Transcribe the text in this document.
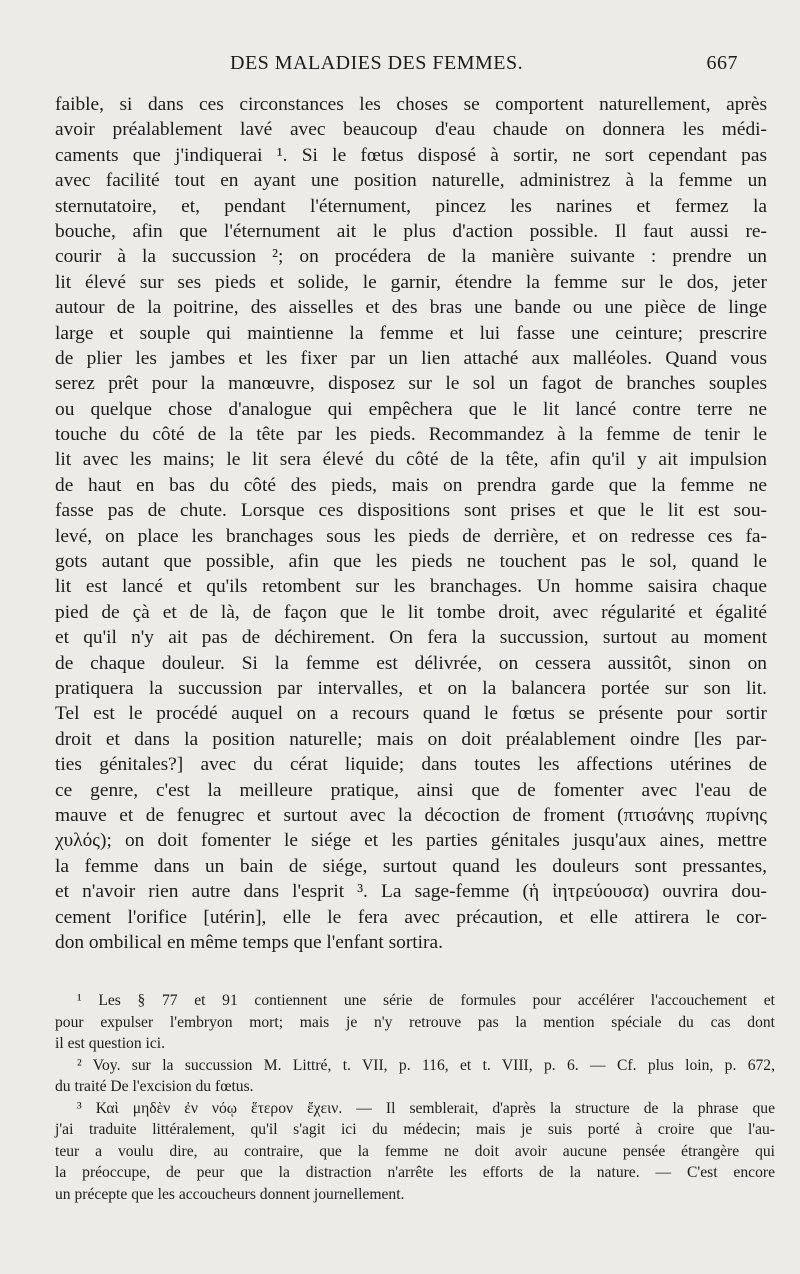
DES MALADIES DES FEMMES.	667
faible, si dans ces circonstances les choses se comportent naturellement, après
avoir préalablement lavé avec beaucoup d'eau chaude on donnera les médi-
caments que j'indiquerai ¹. Si le fœtus disposé à sortir, ne sort cependant pas
avec facilité tout en ayant une position naturelle, administrez à la femme un
sternutatoire, et, pendant l'éternument, pincez les narines et fermez la
bouche, afin que l'éternument ait le plus d'action possible. Il faut aussi re-
courir à la succussion ²; on procédera de la manière suivante : prendre un
lit élevé sur ses pieds et solide, le garnir, étendre la femme sur le dos, jeter
autour de la poitrine, des aisselles et des bras une bande ou une pièce de linge
large et souple qui maintienne la femme et lui fasse une ceinture; prescrire
de plier les jambes et les fixer par un lien attaché aux malléoles. Quand vous
serez prêt pour la manœuvre, disposez sur le sol un fagot de branches souples
ou quelque chose d'analogue qui empêchera que le lit lancé contre terre ne
touche du côté de la tête par les pieds. Recommandez à la femme de tenir le
lit avec les mains; le lit sera élevé du côté de la tête, afin qu'il y ait impulsion
de haut en bas du côté des pieds, mais on prendra garde que la femme ne
fasse pas de chute. Lorsque ces dispositions sont prises et que le lit est sou-
levé, on place les branchages sous les pieds de derrière, et on redresse ces fa-
gots autant que possible, afin que les pieds ne touchent pas le sol, quand le
lit est lancé et qu'ils retombent sur les branchages. Un homme saisira chaque
pied de çà et de là, de façon que le lit tombe droit, avec régularité et égalité
et qu'il n'y ait pas de déchirement. On fera la succussion, surtout au moment
de chaque douleur. Si la femme est délivrée, on cessera aussitôt, sinon on
pratiquera la succussion par intervalles, et on la balancera portée sur son lit.
Tel est le procédé auquel on a recours quand le fœtus se présente pour sortir
droit et dans la position naturelle; mais on doit préalablement oindre [les par-
ties génitales?] avec du cérat liquide; dans toutes les affections utérines de
ce genre, c'est la meilleure pratique, ainsi que de fomenter avec l'eau de
mauve et de fenugrec et surtout avec la décoction de froment (πτισάνης πυρίνης
χυλός); on doit fomenter le siége et les parties génitales jusqu'aux aines, mettre
la femme dans un bain de siége, surtout quand les douleurs sont pressantes,
et n'avoir rien autre dans l'esprit ³. La sage-femme (ἡ ἰητρεύουσα) ouvrira dou-
cement l'orifice [utérin], elle le fera avec précaution, et elle attirera le cor-
don ombilical en même temps que l'enfant sortira.
¹ Les § 77 et 91 contiennent une série de formules pour accélérer l'accouchement et
pour expulser l'embryon mort; mais je n'y retrouve pas la mention spéciale du cas dont
il est question ici.
² Voy. sur la succussion M. Littré, t. VII, p. 116, et t. VIII, p. 6. — Cf. plus loin, p. 672,
du traité De l'excision du fœtus.
³ Καὶ μηδὲν ἐν νόῳ ἕτερον ἔχειν. — Il semblerait, d'après la structure de la phrase que
j'ai traduite littéralement, qu'il s'agit ici du médecin; mais je suis porté à croire que l'au-
teur a voulu dire, au contraire, que la femme ne doit avoir aucune pensée étrangère qui
la préoccupe, de peur que la distraction n'arrête les efforts de la nature. — C'est encore
un précepte que les accoucheurs donnent journellement.
